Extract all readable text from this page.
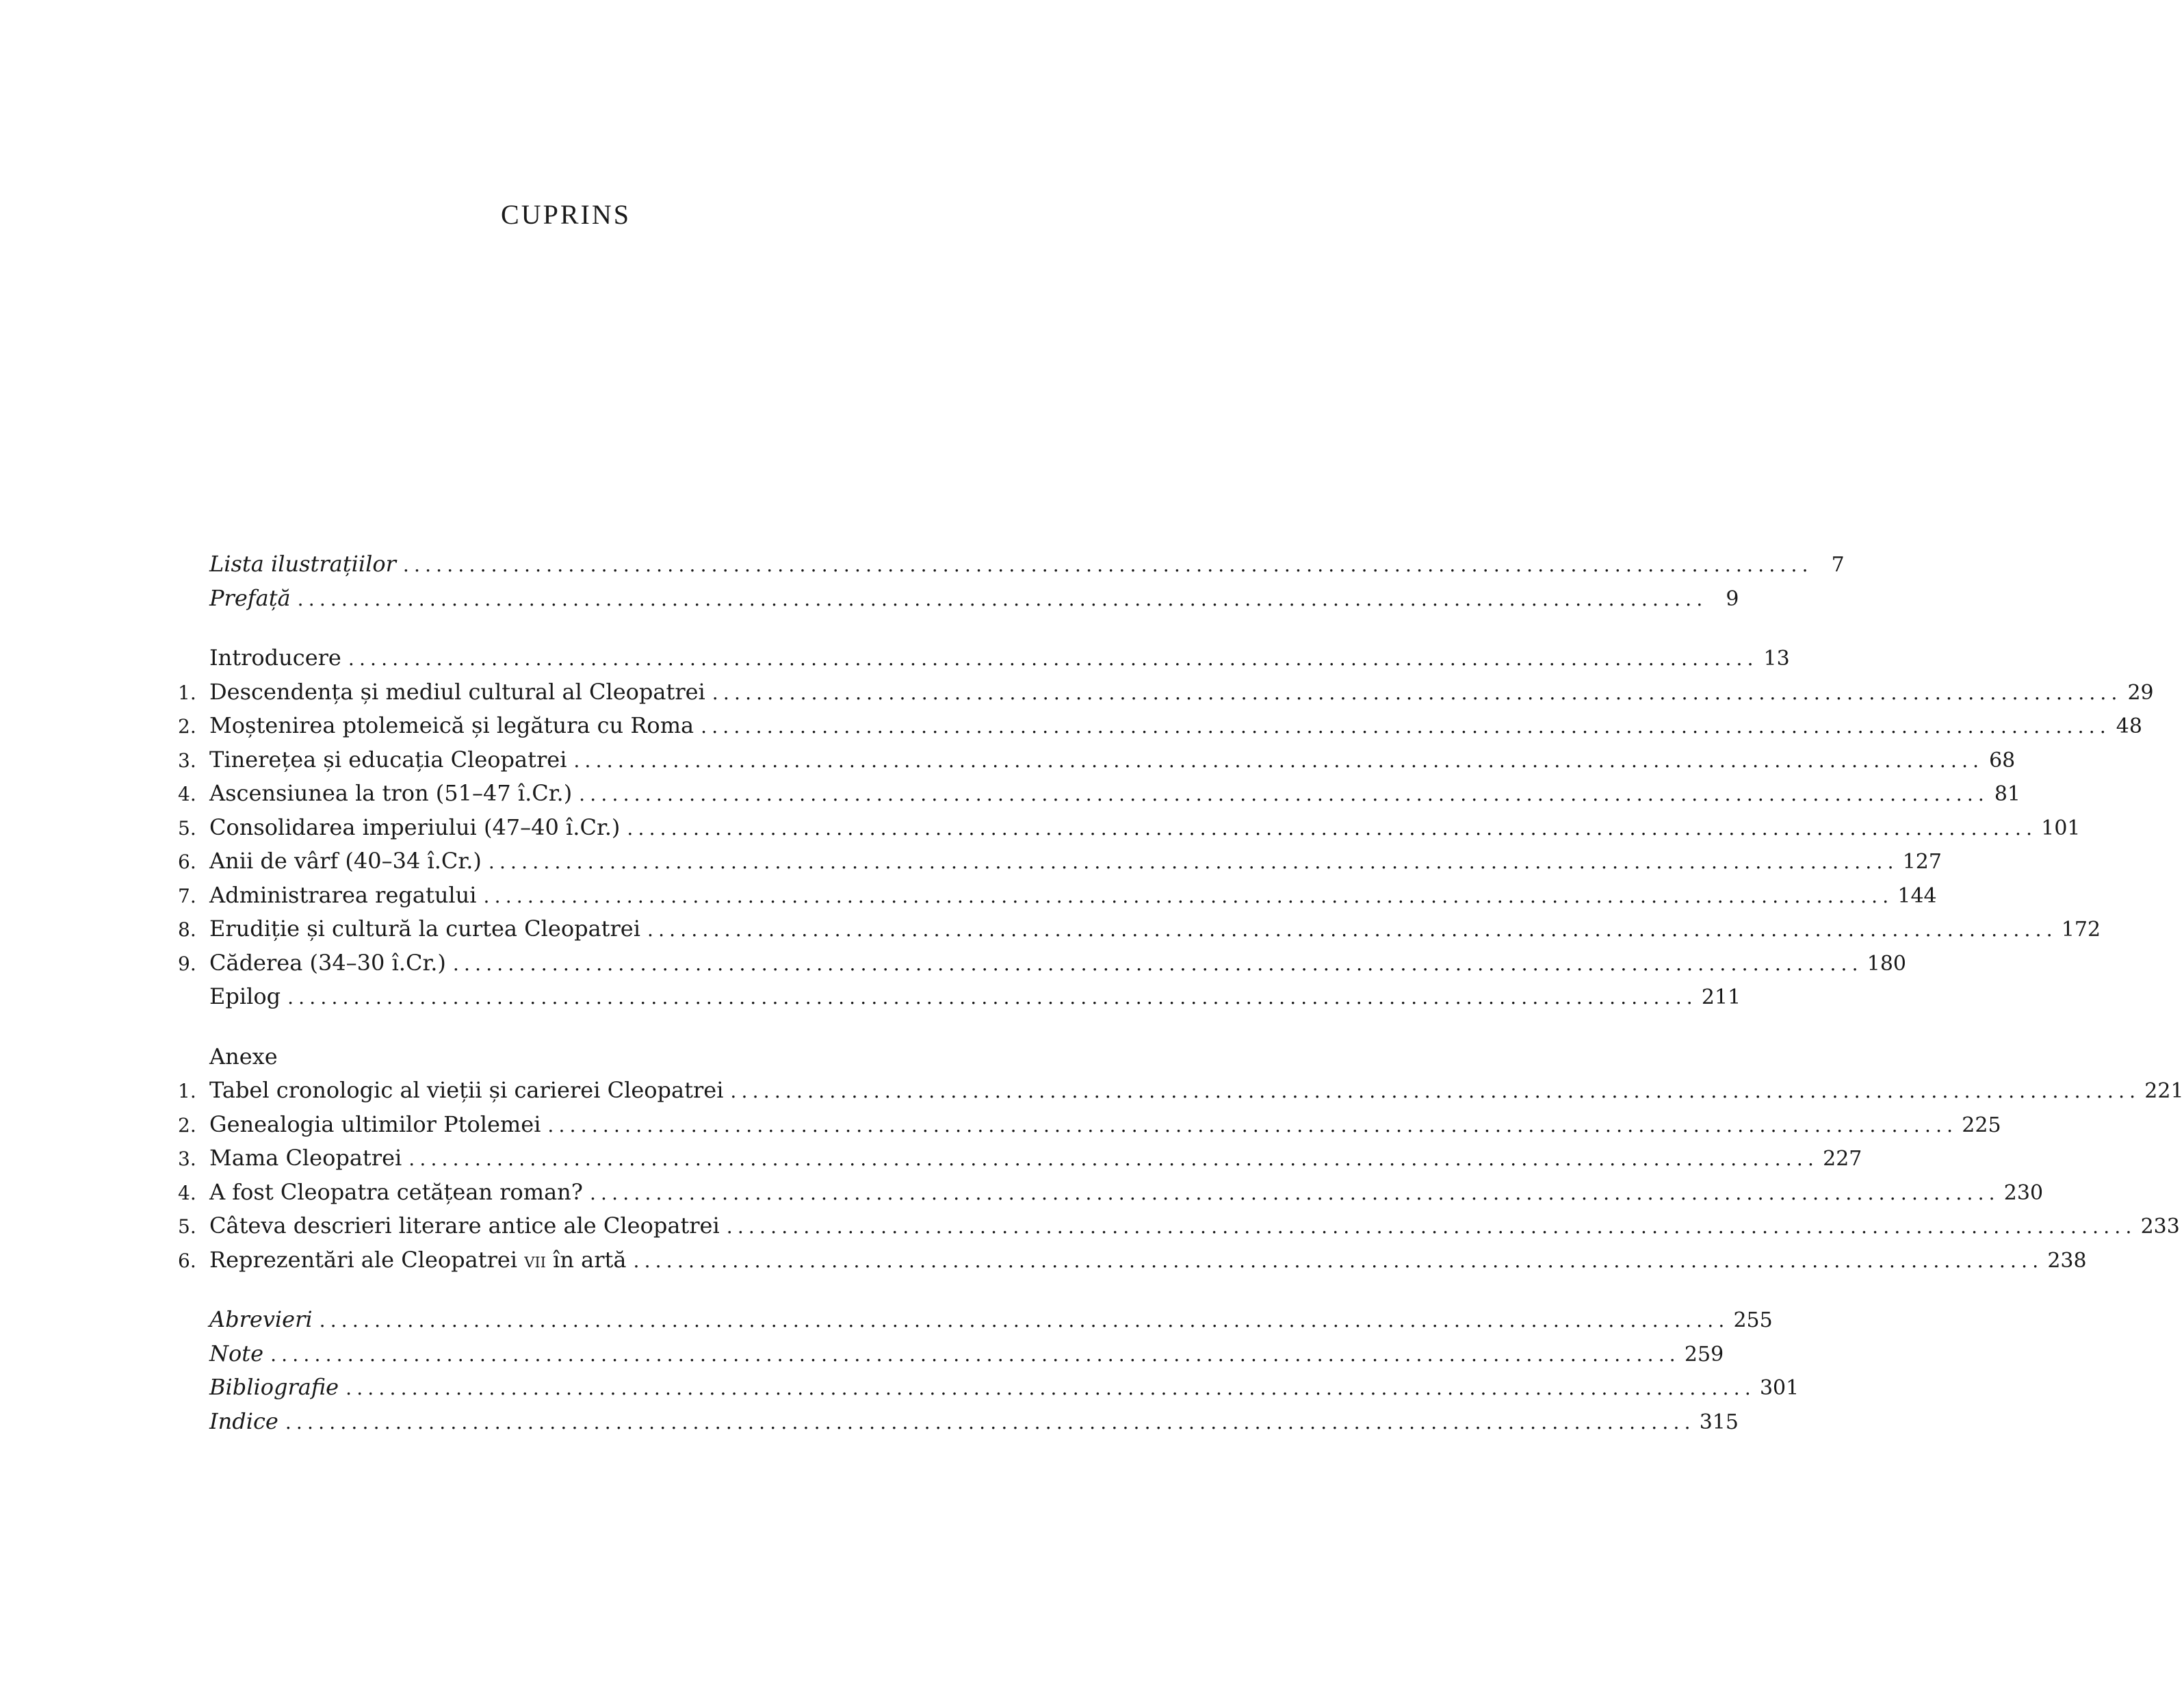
CUPRINS
Lista ilustrațiilor ................................................................................................................................ 7
Prefață ................................................................................................................................ 9
Introducere ................................................................................................................................ 13
1. Descendența și mediul cultural al Cleopatrei ................................................................................................................................ 29
2. Moștenirea ptolemeică și legătura cu Roma ................................................................................................................................ 48
3. Tinerețea și educația Cleopatrei ................................................................................................................................ 68
4. Ascensiunea la tron (51–47 î.Cr.) ................................................................................................................................ 81
5. Consolidarea imperiului (47–40 î.Cr.) ................................................................................................................................ 101
6. Anii de vârf (40–34 î.Cr.) ................................................................................................................................ 127
7. Administrarea regatului ................................................................................................................................ 144
8. Erudiție și cultură la curtea Cleopatrei ................................................................................................................................ 172
9. Căderea (34–30 î.Cr.) ................................................................................................................................ 180
Epilog ................................................................................................................................ 211
Anexe
1. Tabel cronologic al vieții și carierei Cleopatrei ................................................................................................................................ 221
2. Genealogia ultimilor Ptolemei ................................................................................................................................ 225
3. Mama Cleopatrei ................................................................................................................................ 227
4. A fost Cleopatra cetățean roman? ................................................................................................................................ 230
5. Câteva descrieri literare antice ale Cleopatrei ................................................................................................................................ 233
6. Reprezentări ale Cleopatrei vii în artă ................................................................................................................................ 238
Abrevieri ................................................................................................................................ 255
Note ................................................................................................................................ 259
Bibliografie ................................................................................................................................ 301
Indice ................................................................................................................................ 315
